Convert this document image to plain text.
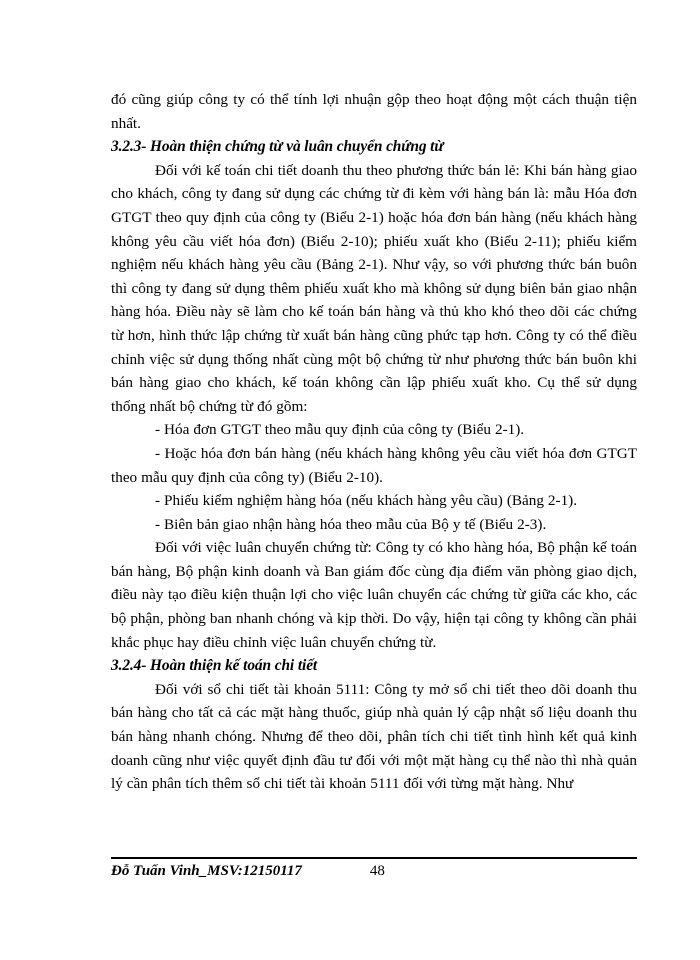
đó cũng giúp công ty có thể tính lợi nhuận gộp theo hoạt động một cách thuận tiện nhất.

3.2.3- Hoàn thiện chứng từ và luân chuyển chứng từ

Đối với kế toán chi tiết doanh thu theo phương thức bán lẻ: Khi bán hàng giao cho khách, công ty đang sử dụng các chứng từ đi kèm với hàng bán là: mẫu Hóa đơn GTGT theo quy định của công ty (Biểu 2-1) hoặc hóa đơn bán hàng (nếu khách hàng không yêu cầu viết hóa đơn) (Biểu 2-10); phiếu xuất kho (Biểu 2-11); phiếu kiểm nghiệm nếu khách hàng yêu cầu (Bảng 2-1). Như vậy, so với phương thức bán buôn thì công ty đang sử dụng thêm phiếu xuất kho mà không sử dụng biên bản giao nhận hàng hóa. Điều này sẽ làm cho kế toán bán hàng và thủ kho khó theo dõi các chứng từ hơn, hình thức lập chứng từ xuất bán hàng cũng phức tạp hơn. Công ty có thể điều chỉnh việc sử dụng thống nhất cùng một bộ chứng từ như phương thức bán buôn khi bán hàng giao cho khách, kế toán không cần lập phiếu xuất kho. Cụ thể sử dụng thống nhất bộ chứng từ đó gồm:

- Hóa đơn GTGT theo mẫu quy định của công ty (Biểu 2-1).

- Hoặc hóa đơn bán hàng (nếu khách hàng không yêu cầu viết hóa đơn GTGT theo mẫu quy định của công ty) (Biểu 2-10).

- Phiếu kiểm nghiệm hàng hóa (nếu khách hàng yêu cầu) (Bảng 2-1).

- Biên bản giao nhận hàng hóa theo mẫu của Bộ y tế (Biểu 2-3).

Đối với việc luân chuyển chứng từ: Công ty có kho hàng hóa, Bộ phận kế toán bán hàng, Bộ phận kinh doanh và Ban giám đốc cùng địa điểm văn phòng giao dịch, điều này tạo điều kiện thuận lợi cho việc luân chuyển các chứng từ giữa các kho, các bộ phận, phòng ban nhanh chóng và kịp thời. Do vậy, hiện tại công ty không cần phải khắc phục hay điều chỉnh việc luân chuyển chứng từ.

3.2.4- Hoàn thiện kế toán chi tiết

Đối với sổ chi tiết tài khoản 5111: Công ty mở sổ chi tiết theo dõi doanh thu bán hàng cho tất cả các mặt hàng thuốc, giúp nhà quản lý cập nhật số liệu doanh thu bán hàng nhanh chóng. Nhưng để theo dõi, phân tích chi tiết tình hình kết quả kinh doanh cũng như việc quyết định đầu tư đối với một mặt hàng cụ thể nào thì nhà quản lý cần phân tích thêm sổ chi tiết tài khoản 5111 đối với từng mặt hàng. Như

Đỗ Tuấn Vinh_MSV:12150117	48
